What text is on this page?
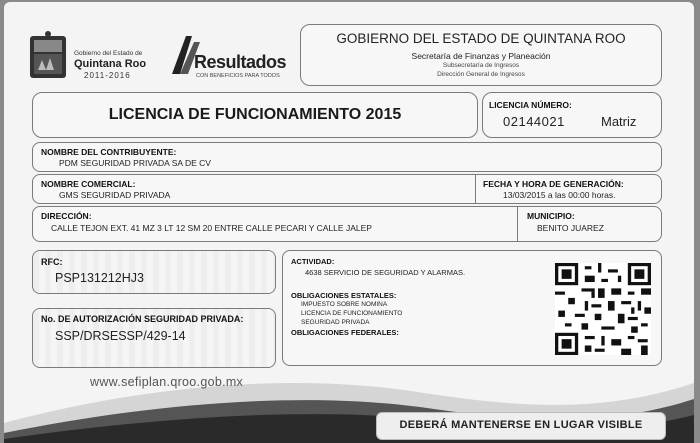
Gobierno del Estado de
Quintana Roo
2011-2016
Resultados
CON BENEFICIOS PARA TODOS
GOBIERNO DEL ESTADO DE QUINTANA ROO
Secretaría de Finanzas y Planeación
Subsecretaría de Ingresos
Dirección General de Ingresos
LICENCIA DE FUNCIONAMIENTO 2015
LICENCIA NÚMERO:
02144021	Matriz
NOMBRE DEL CONTRIBUYENTE:
PDM SEGURIDAD PRIVADA SA DE CV
NOMBRE COMERCIAL:
GMS SEGURIDAD PRIVADA
FECHA Y HORA DE GENERACIÓN:
13/03/2015 a las 00:00 horas.
DIRECCIÓN:
CALLE TEJON EXT. 41 MZ 3 LT 12 SM 20 ENTRE CALLE PECARI Y CALLE JALEP
MUNICIPIO:
BENITO JUAREZ
RFC:
PSP131212HJ3
No. DE AUTORIZACIÓN SEGURIDAD PRIVADA:
SSP/DRSESSP/429-14
ACTIVIDAD:
4638 SERVICIO DE SEGURIDAD Y ALARMAS.
OBLIGACIONES ESTATALES:
IMPUESTO SOBRE NOMINA
LICENCIA DE FUNCIONAMIENTO
SEGURIDAD PRIVADA
OBLIGACIONES FEDERALES:
www.sefiplan.qroo.gob.mx
DEBERÁ MANTENERSE EN LUGAR VISIBLE
